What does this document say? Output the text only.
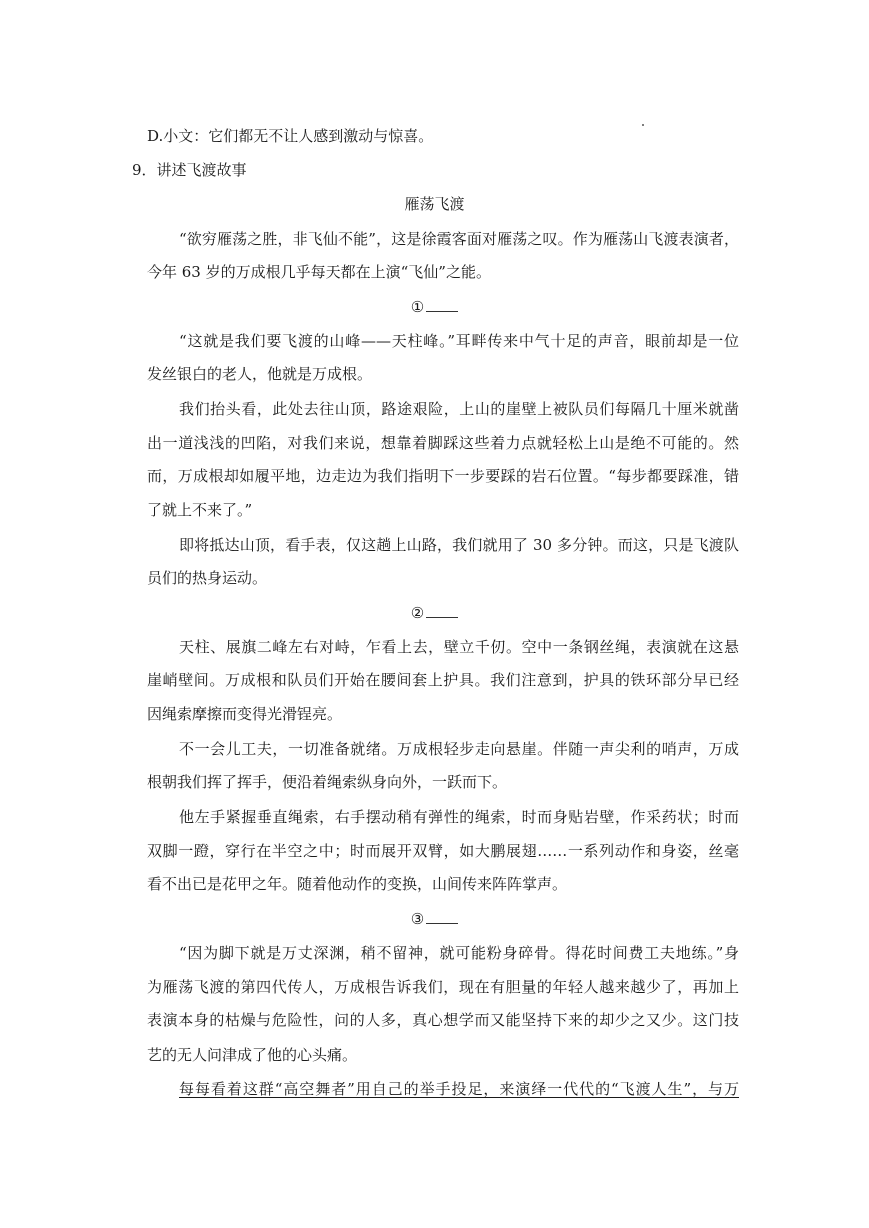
D.小文：它们都无不让人感到激动与惊喜。
9．讲述飞渡故事
雁荡飞渡
“欲穷雁荡之胜，非飞仙不能”，这是徐霞客面对雁荡之叹。作为雁荡山飞渡表演者，
今年 63 岁的万成根几乎每天都在上演“飞仙”之能。
①
“这就是我们要飞渡的山峰——天柱峰。”耳畔传来中气十足的声音，眼前却是一位
发丝银白的老人，他就是万成根。
我们抬头看，此处去往山顶，路途艰险，上山的崖壁上被队员们每隔几十厘米就凿
出一道浅浅的凹陷，对我们来说，想靠着脚踩这些着力点就轻松上山是绝不可能的。然
而，万成根却如履平地，边走边为我们指明下一步要踩的岩石位置。“每步都要踩准，错
了就上不来了。”
即将抵达山顶，看手表，仅这趟上山路，我们就用了 30 多分钟。而这，只是飞渡队
员们的热身运动。
②
天柱、展旗二峰左右对峙，乍看上去，壁立千仞。空中一条钢丝绳，表演就在这悬
崖峭壁间。万成根和队员们开始在腰间套上护具。我们注意到，护具的铁环部分早已经
因绳索摩擦而变得光滑锃亮。
不一会儿工夫，一切准备就绪。万成根轻步走向悬崖。伴随一声尖利的哨声，万成
根朝我们挥了挥手，便沿着绳索纵身向外，一跃而下。
他左手紧握垂直绳索，右手摆动稍有弹性的绳索，时而身贴岩壁，作采药状；时而
双脚一蹬，穿行在半空之中；时而展开双臂，如大鹏展翅……一系列动作和身姿，丝毫
看不出已是花甲之年。随着他动作的变换，山间传来阵阵掌声。
③
“因为脚下就是万丈深渊，稍不留神，就可能粉身碎骨。得花时间费工夫地练。”身
为雁荡飞渡的第四代传人，万成根告诉我们，现在有胆量的年轻人越来越少了，再加上
表演本身的枯燥与危险性，问的人多，真心想学而又能坚持下来的却少之又少。这门技
艺的无人问津成了他的心头痛。
每每看着这群“高空舞者”用自己的举手投足，来演绎一代代的“飞渡人生”，与万
